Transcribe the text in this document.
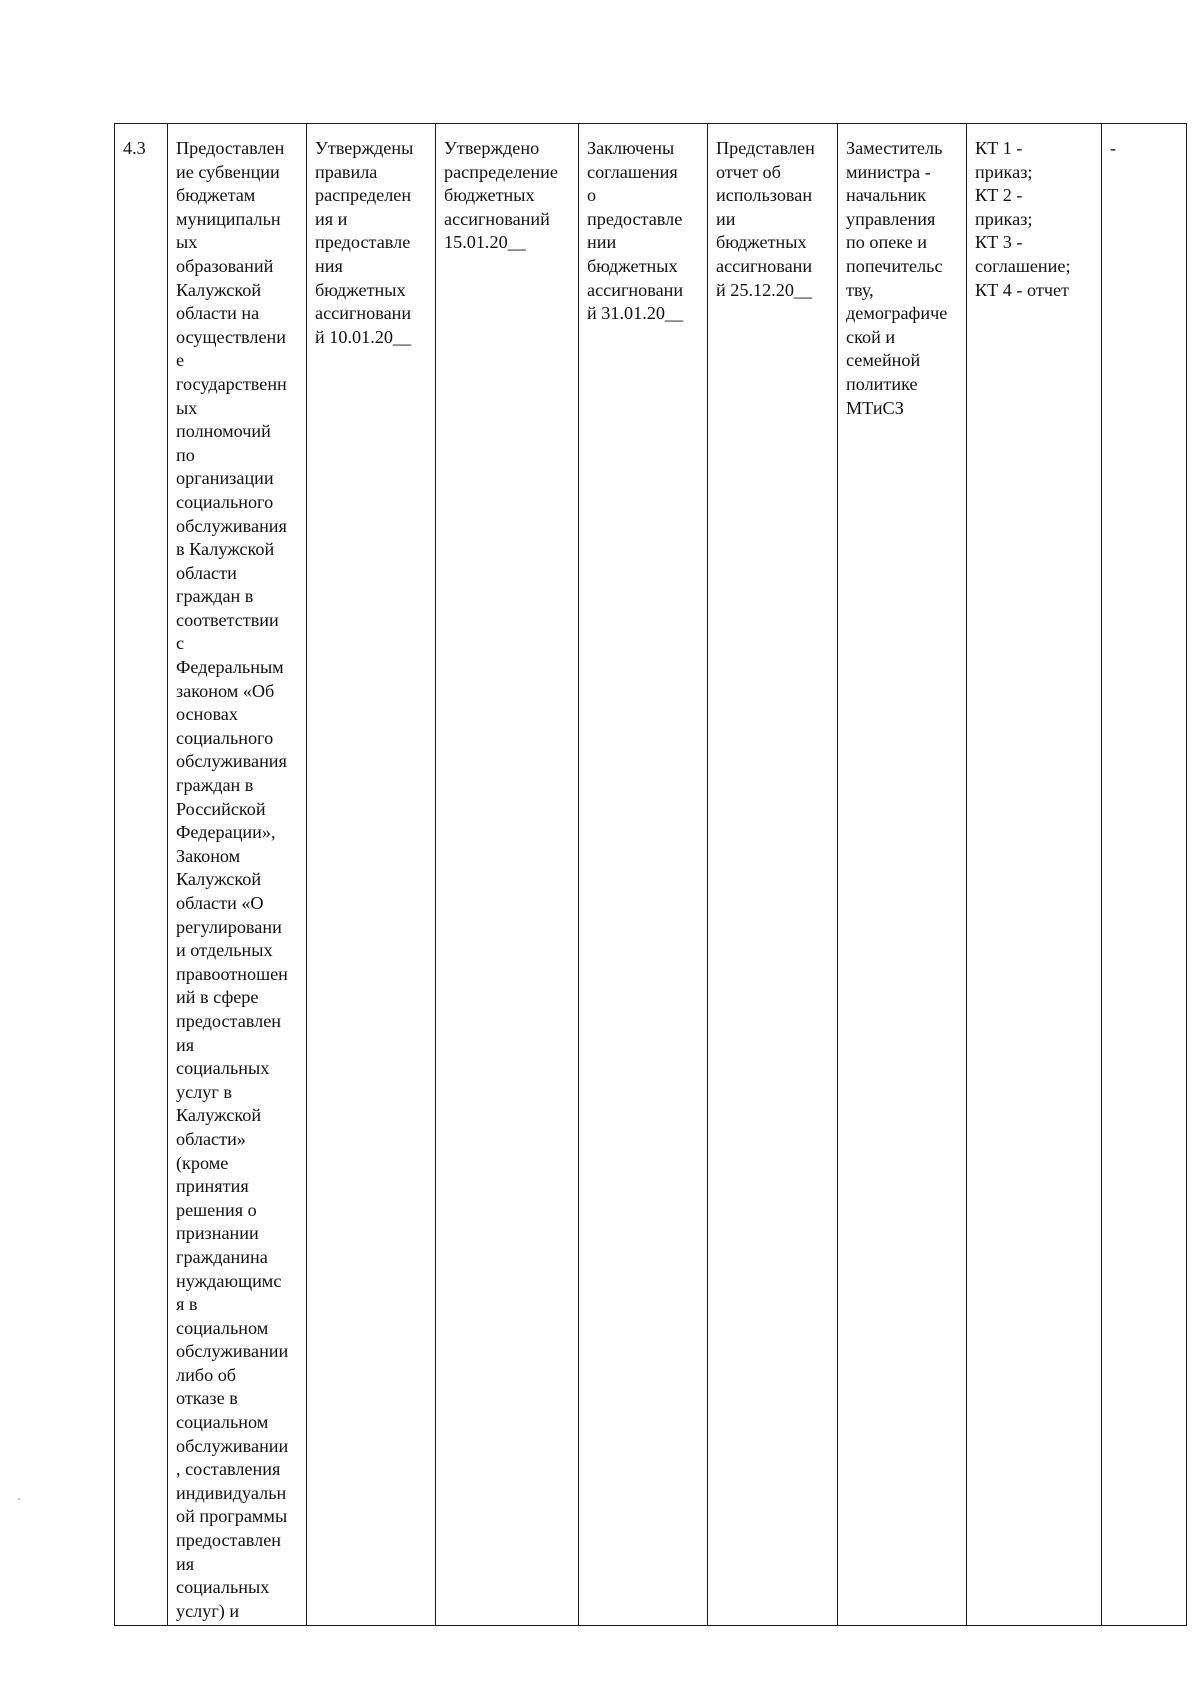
4.3	Предоставлен
ие субвенции
бюджетам
муниципальн
ых
образований
Калужской
области на
осуществлени
е
государственн
ых
полномочий
по
организации
социального
обслуживания
в Калужской
области
граждан в
соответствии
с
Федеральным
законом «Об
основах
социального
обслуживания
граждан в
Российской
Федерации»,
Законом
Калужской
области «О
регулировани
и отдельных
правоотношен
ий в сфере
предоставлен
ия
социальных
услуг в
Калужской
области»
(кроме
принятия
решения о
признании
гражданина
нуждающимс
я в
социальном
обслуживании
либо об
отказе в
социальном
обслуживании
, составления
индивидуальн
ой программы
предоставлен
ия
социальных
услуг) и	Утверждены
правила
распределен
ия и
предоставле
ния
бюджетных
ассигновани
й 10.01.20__	Утверждено
распределение
бюджетных
ассигнований
15.01.20__	Заключены
соглашения
о
предоставле
нии
бюджетных
ассигновани
й 31.01.20__	Представлен
отчет об
использован
ии
бюджетных
ассигновани
й 25.12.20__	Заместитель
министра -
начальник
управления
по опеке и
попечительс
тву,
демографиче
ской и
семейной
политике
МТиСЗ	КТ 1 -
приказ;
КТ 2 -
приказ;
КТ 3 -
соглашение;
КТ 4 - отчет	-
